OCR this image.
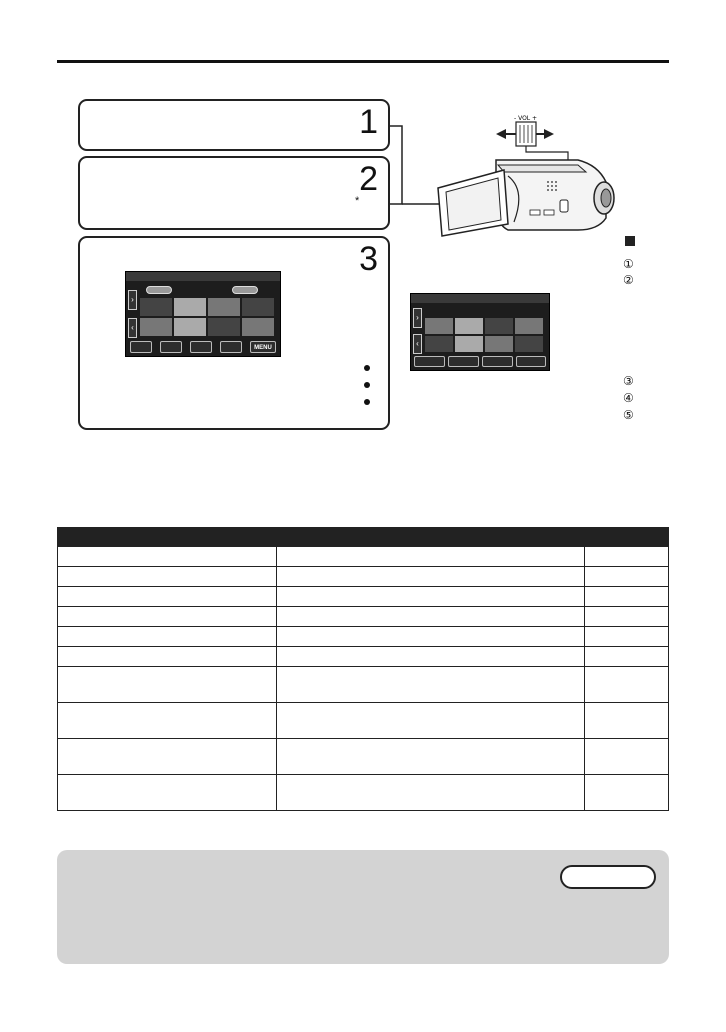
1
2
*
3
›
‹
MENU
›
‹
- VOL +
①
②
③
④
⑤
